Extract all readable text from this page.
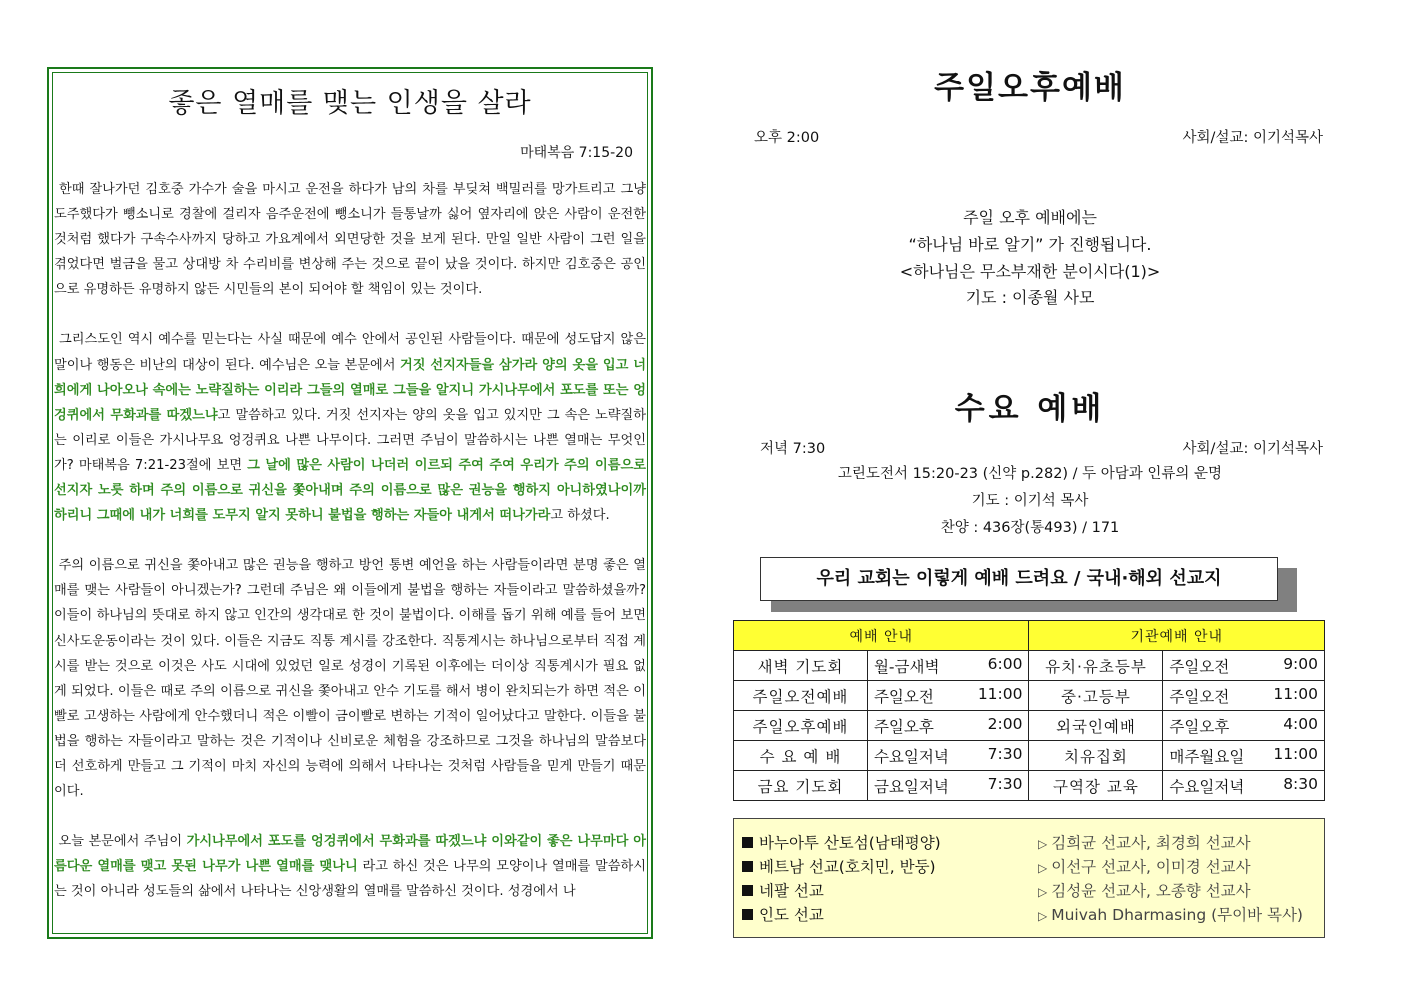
좋은 열매를 맺는 인생을 살라
마태복음 7:15-20

한때 잘나가던 김호중 가수가 술을 마시고 운전을 하다가 남의 차를 부딪쳐 백밀러를 망가트리고 그냥 도주했다가 뺑소니로 경찰에 걸리자 음주운전에 뺑소니가 들통날까 싫어 옆자리에 앉은 사람이 운전한 것처럼 했다가 구속수사까지 당하고 가요계에서 외면당한 것을 보게 된다. 만일 일반 사람이 그런 일을 겪었다면 벌금을 물고 상대방 차 수리비를 변상해 주는 것으로 끝이 났을 것이다. 하지만 김호중은 공인으로 유명하든 유명하지 않든 시민들의 본이 되어야 할 책임이 있는 것이다.

그리스도인 역시 예수를 믿는다는 사실 때문에 예수 안에서 공인된 사람들이다. 때문에 성도답지 않은 말이나 행동은 비난의 대상이 된다. 예수님은 오늘 본문에서 거짓 선지자들을 삼가라 양의 옷을 입고 너희에게 나아오나 속에는 노략질하는 이리라 그들의 열매로 그들을 알지니 가시나무에서 포도를 또는 엉겅퀴에서 무화과를 따겠느냐고 말씀하고 있다. 거짓 선지자는 양의 옷을 입고 있지만 그 속은 노략질하는 이리로 이들은 가시나무요 엉겅퀴요 나쁜 나무이다. 그러면 주님이 말씀하시는 나쁜 열매는 무엇인가? 마태복음 7:21-23절에 보면 그 날에 많은 사람이 나더러 이르되 주여 주여 우리가 주의 이름으로 선지자 노릇 하며 주의 이름으로 귀신을 쫓아내며 주의 이름으로 많은 권능을 행하지 아니하였나이까 하리니 그때에 내가 너희를 도무지 알지 못하니 불법을 행하는 자들아 내게서 떠나가라고 하셨다.

주의 이름으로 귀신을 쫓아내고 많은 권능을 행하고 방언 통변 예언을 하는 사람들이라면 분명 좋은 열매를 맺는 사람들이 아니겠는가? 그런데 주님은 왜 이들에게 불법을 행하는 자들이라고 말씀하셨을까? 이들이 하나님의 뜻대로 하지 않고 인간의 생각대로 한 것이 불법이다. 이해를 돕기 위해 예를 들어 보면 신사도운동이라는 것이 있다. 이들은 지금도 직통 계시를 강조한다. 직통계시는 하나님으로부터 직접 계시를 받는 것으로 이것은 사도 시대에 있었던 일로 성경이 기록된 이후에는 더이상 직통계시가 필요 없게 되었다. 이들은 때로 주의 이름으로 귀신을 쫓아내고 안수 기도를 해서 병이 완치되는가 하면 적은 이빨로 고생하는 사람에게 안수했더니 적은 이빨이 금이빨로 변하는 기적이 일어났다고 말한다. 이들을 불법을 행하는 자들이라고 말하는 것은 기적이나 신비로운 체험을 강조하므로 그것을 하나님의 말씀보다 더 선호하게 만들고 그 기적이 마치 자신의 능력에 의해서 나타나는 것처럼 사람들을 믿게 만들기 때문이다.

오늘 본문에서 주님이 가시나무에서 포도를 엉겅퀴에서 무화과를 따겠느냐 이와같이 좋은 나무마다 아름다운 열매를 맺고 못된 나무가 나쁜 열매를 맺나니 라고 하신 것은 나무의 모양이나 열매를 말씀하시는 것이 아니라 성도들의 삶에서 나타나는 신앙생활의 열매를 말씀하신 것이다. 성경에서 나

주일오후예배
오후 2:00	사회/설교: 이기석목사
주일 오후 예배에는
“하나님 바로 알기” 가 진행됩니다.
<하나님은 무소부재한 분이시다(1)>
기도 : 이종월 사모
수요 예배
저녁 7:30	사회/설교: 이기석목사
고린도전서 15:20-23 (신약 p.282) / 두 아담과 인류의 운명
기도 : 이기석 목사
찬양 : 436장(통493) / 171
우리 교회는 이렇게 예배 드려요 / 국내·해외 선교지
예배 안내		기관예배 안내	
새벽 기도회	월-금새벽 6:00	유치·유초등부	주일오전 9:00

주일오전예배	주일오전 11:00	중·고등부	주일오전 11:00

주일오후예배	주일오후 2:00	외국인예배	주일오후 4:00

수 요 예 배	수요일저녁 7:30	치유집회	매주월요일 11:00

금요 기도회	금요일저녁 7:30	구역장 교육	수요일저녁 8:30
바누아투 산토섬(남태평양)	▷ 김희균 선교사, 최경희 선교사
베트남 선교(호치민, 반둥)	▷ 이선구 선교사, 이미경 선교사
네팔 선교	▷ 김성윤 선교사, 오종향 선교사
인도 선교	▷ Muivah Dharmasing (무이바 목사)
